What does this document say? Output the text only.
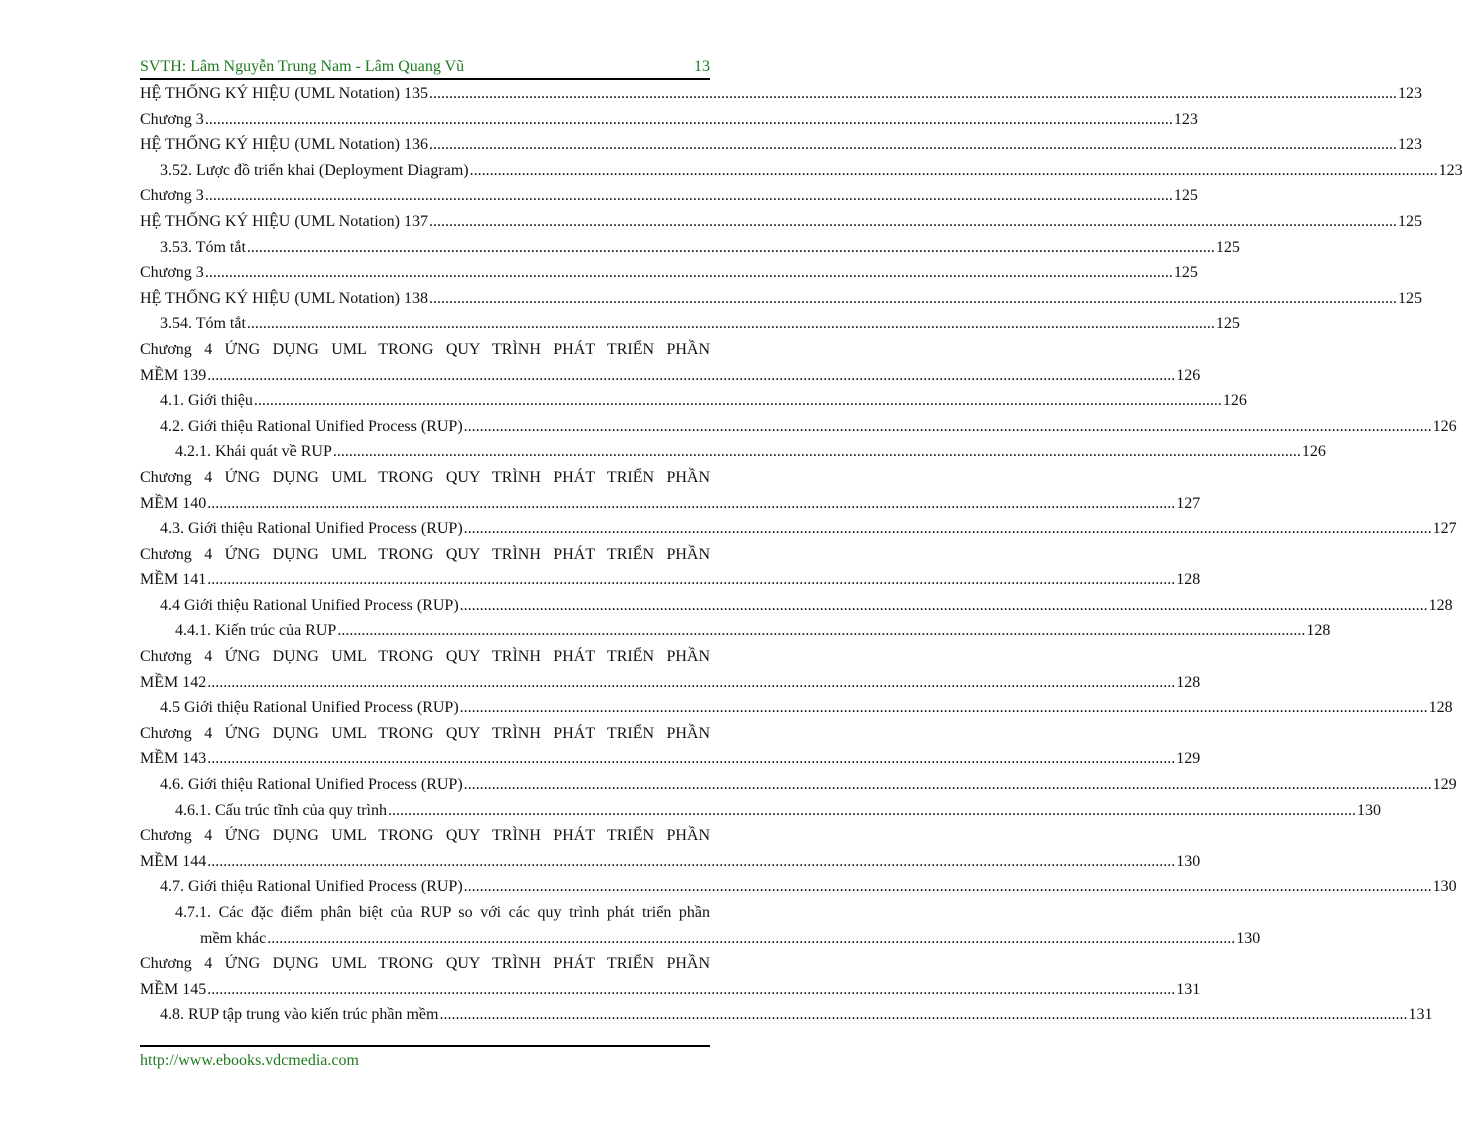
SVTH: Lâm Nguyễn Trung Nam - Lâm Quang Vũ	13
HỆ THỐNG KÝ HIỆU (UML Notation) 135 .....	123
Chương 3 .....	123
HỆ THỐNG KÝ HIỆU (UML Notation) 136 .....	123
3.52. Lược đồ triển khai (Deployment Diagram) .....	123
Chương 3 .....	125
HỆ THỐNG KÝ HIỆU (UML Notation) 137 .....	125
3.53. Tóm tắt .....	125
Chương 3 .....	125
HỆ THỐNG KÝ HIỆU (UML Notation) 138 .....	125
3.54. Tóm tắt .....	125
Chương 4 ỨNG DỤNG UML TRONG QUY TRÌNH PHÁT TRIỂN PHẦN
MỀM 139 .....	126
4.1. Giới thiệu .....	126
4.2. Giới thiệu Rational Unified Process (RUP) .....	126
4.2.1. Khái quát về RUP .....	126
Chương 4 ỨNG DỤNG UML TRONG QUY TRÌNH PHÁT TRIỂN PHẦN
MỀM 140 .....	127
4.3. Giới thiệu Rational Unified Process (RUP) .....	127
Chương 4 ỨNG DỤNG UML TRONG QUY TRÌNH PHÁT TRIỂN PHẦN
MỀM 141 .....	128
4.4 Giới thiệu Rational Unified Process (RUP) .....	128
4.4.1. Kiến trúc của RUP .....	128
Chương 4 ỨNG DỤNG UML TRONG QUY TRÌNH PHÁT TRIỂN PHẦN
MỀM 142 .....	128
4.5 Giới thiệu Rational Unified Process (RUP) .....	128
Chương 4 ỨNG DỤNG UML TRONG QUY TRÌNH PHÁT TRIỂN PHẦN
MỀM 143 .....	129
4.6. Giới thiệu Rational Unified Process (RUP) .....	129
4.6.1. Cấu trúc tĩnh của quy trình .....	130
Chương 4 ỨNG DỤNG UML TRONG QUY TRÌNH PHÁT TRIỂN PHẦN
MỀM 144 .....	130
4.7. Giới thiệu Rational Unified Process (RUP) .....	130
4.7.1. Các đặc điểm phân biệt của RUP so với các quy trình phát triển phần
mềm khác .....	130
Chương 4 ỨNG DỤNG UML TRONG QUY TRÌNH PHÁT TRIỂN PHẦN
MỀM 145 .....	131
4.8. RUP tập trung vào kiến trúc phần mềm .....	131
http://www.ebooks.vdcmedia.com
